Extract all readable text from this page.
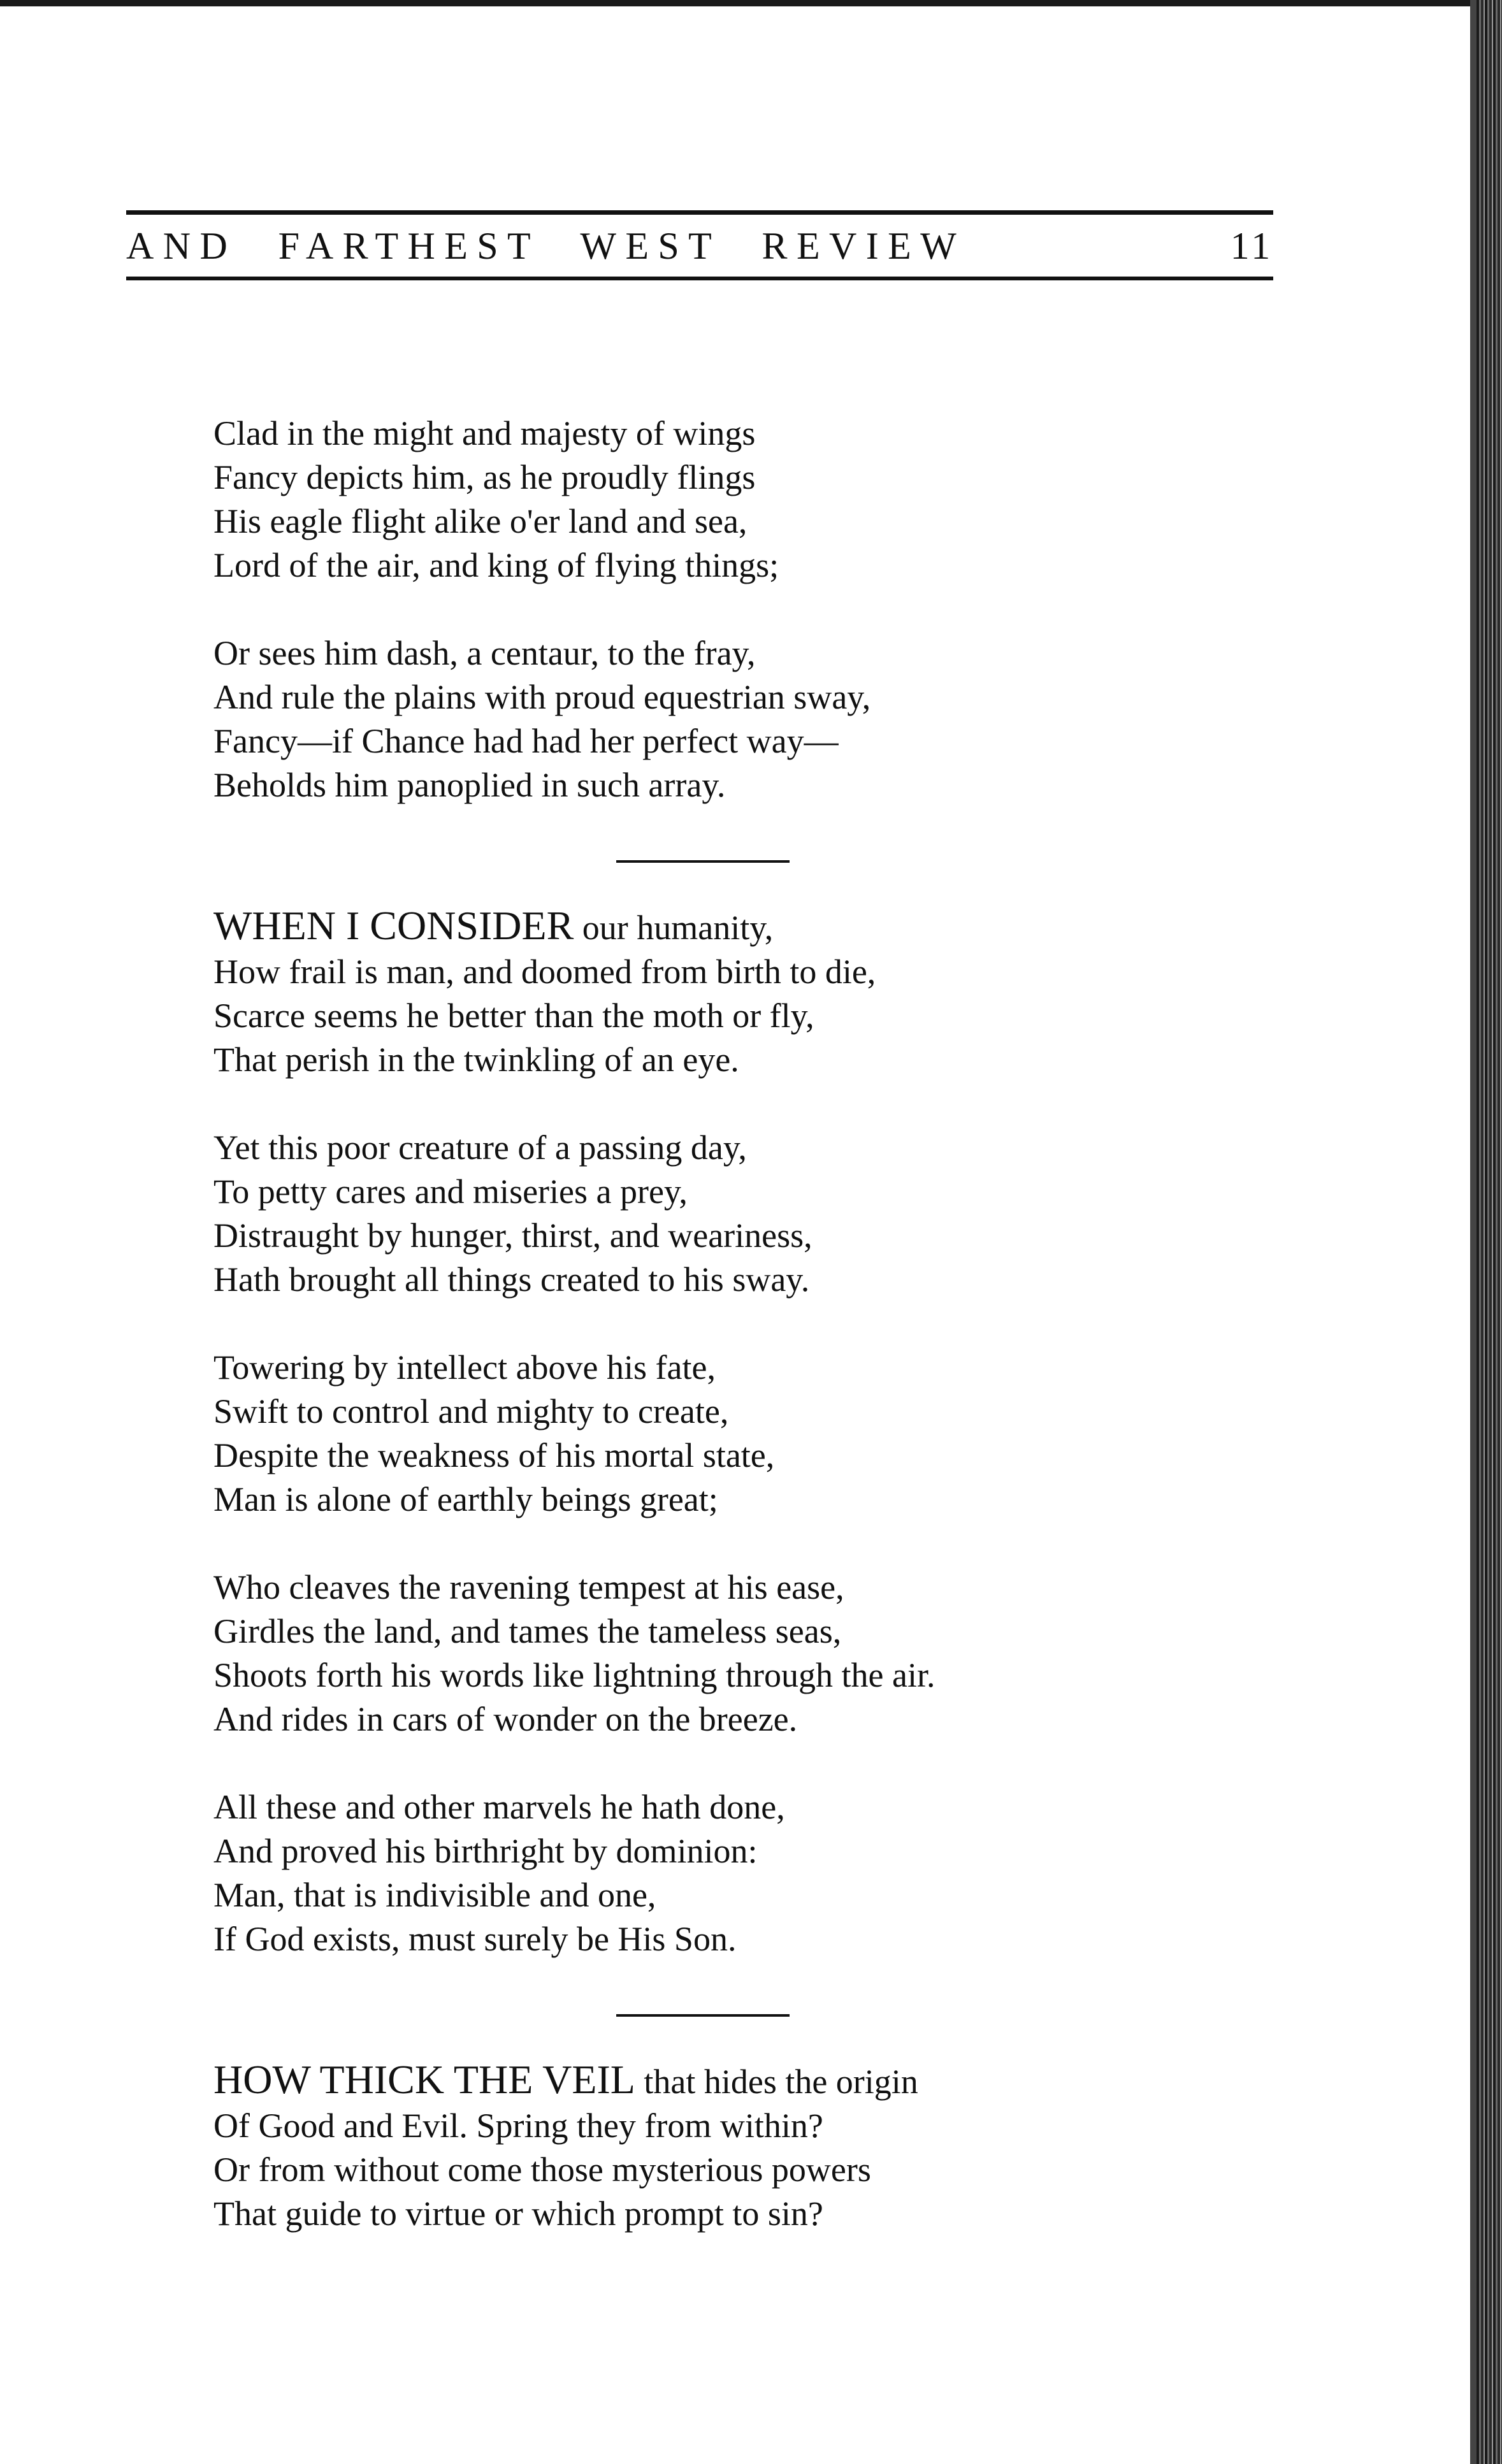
AND FARTHEST WEST REVIEW	11
Clad in the might and majesty of wings
Fancy depicts him, as he proudly flings
His eagle flight alike o'er land and sea,
Lord of the air, and king of flying things;
Or sees him dash, a centaur, to the fray,
And rule the plains with proud equestrian sway,
Fancy—if Chance had had her perfect way—
Beholds him panoplied in such array.
WHEN I CONSIDER our humanity,
How frail is man, and doomed from birth to die,
Scarce seems he better than the moth or fly,
That perish in the twinkling of an eye.
Yet this poor creature of a passing day,
To petty cares and miseries a prey,
Distraught by hunger, thirst, and weariness,
Hath brought all things created to his sway.
Towering by intellect above his fate,
Swift to control and mighty to create,
Despite the weakness of his mortal state,
Man is alone of earthly beings great;
Who cleaves the ravening tempest at his ease,
Girdles the land, and tames the tameless seas,
Shoots forth his words like lightning through the air.
And rides in cars of wonder on the breeze.
All these and other marvels he hath done,
And proved his birthright by dominion:
Man, that is indivisible and one,
If God exists, must surely be His Son.
HOW THICK THE VEIL that hides the origin
Of Good and Evil. Spring they from within?
Or from without come those mysterious powers
That guide to virtue or which prompt to sin?
